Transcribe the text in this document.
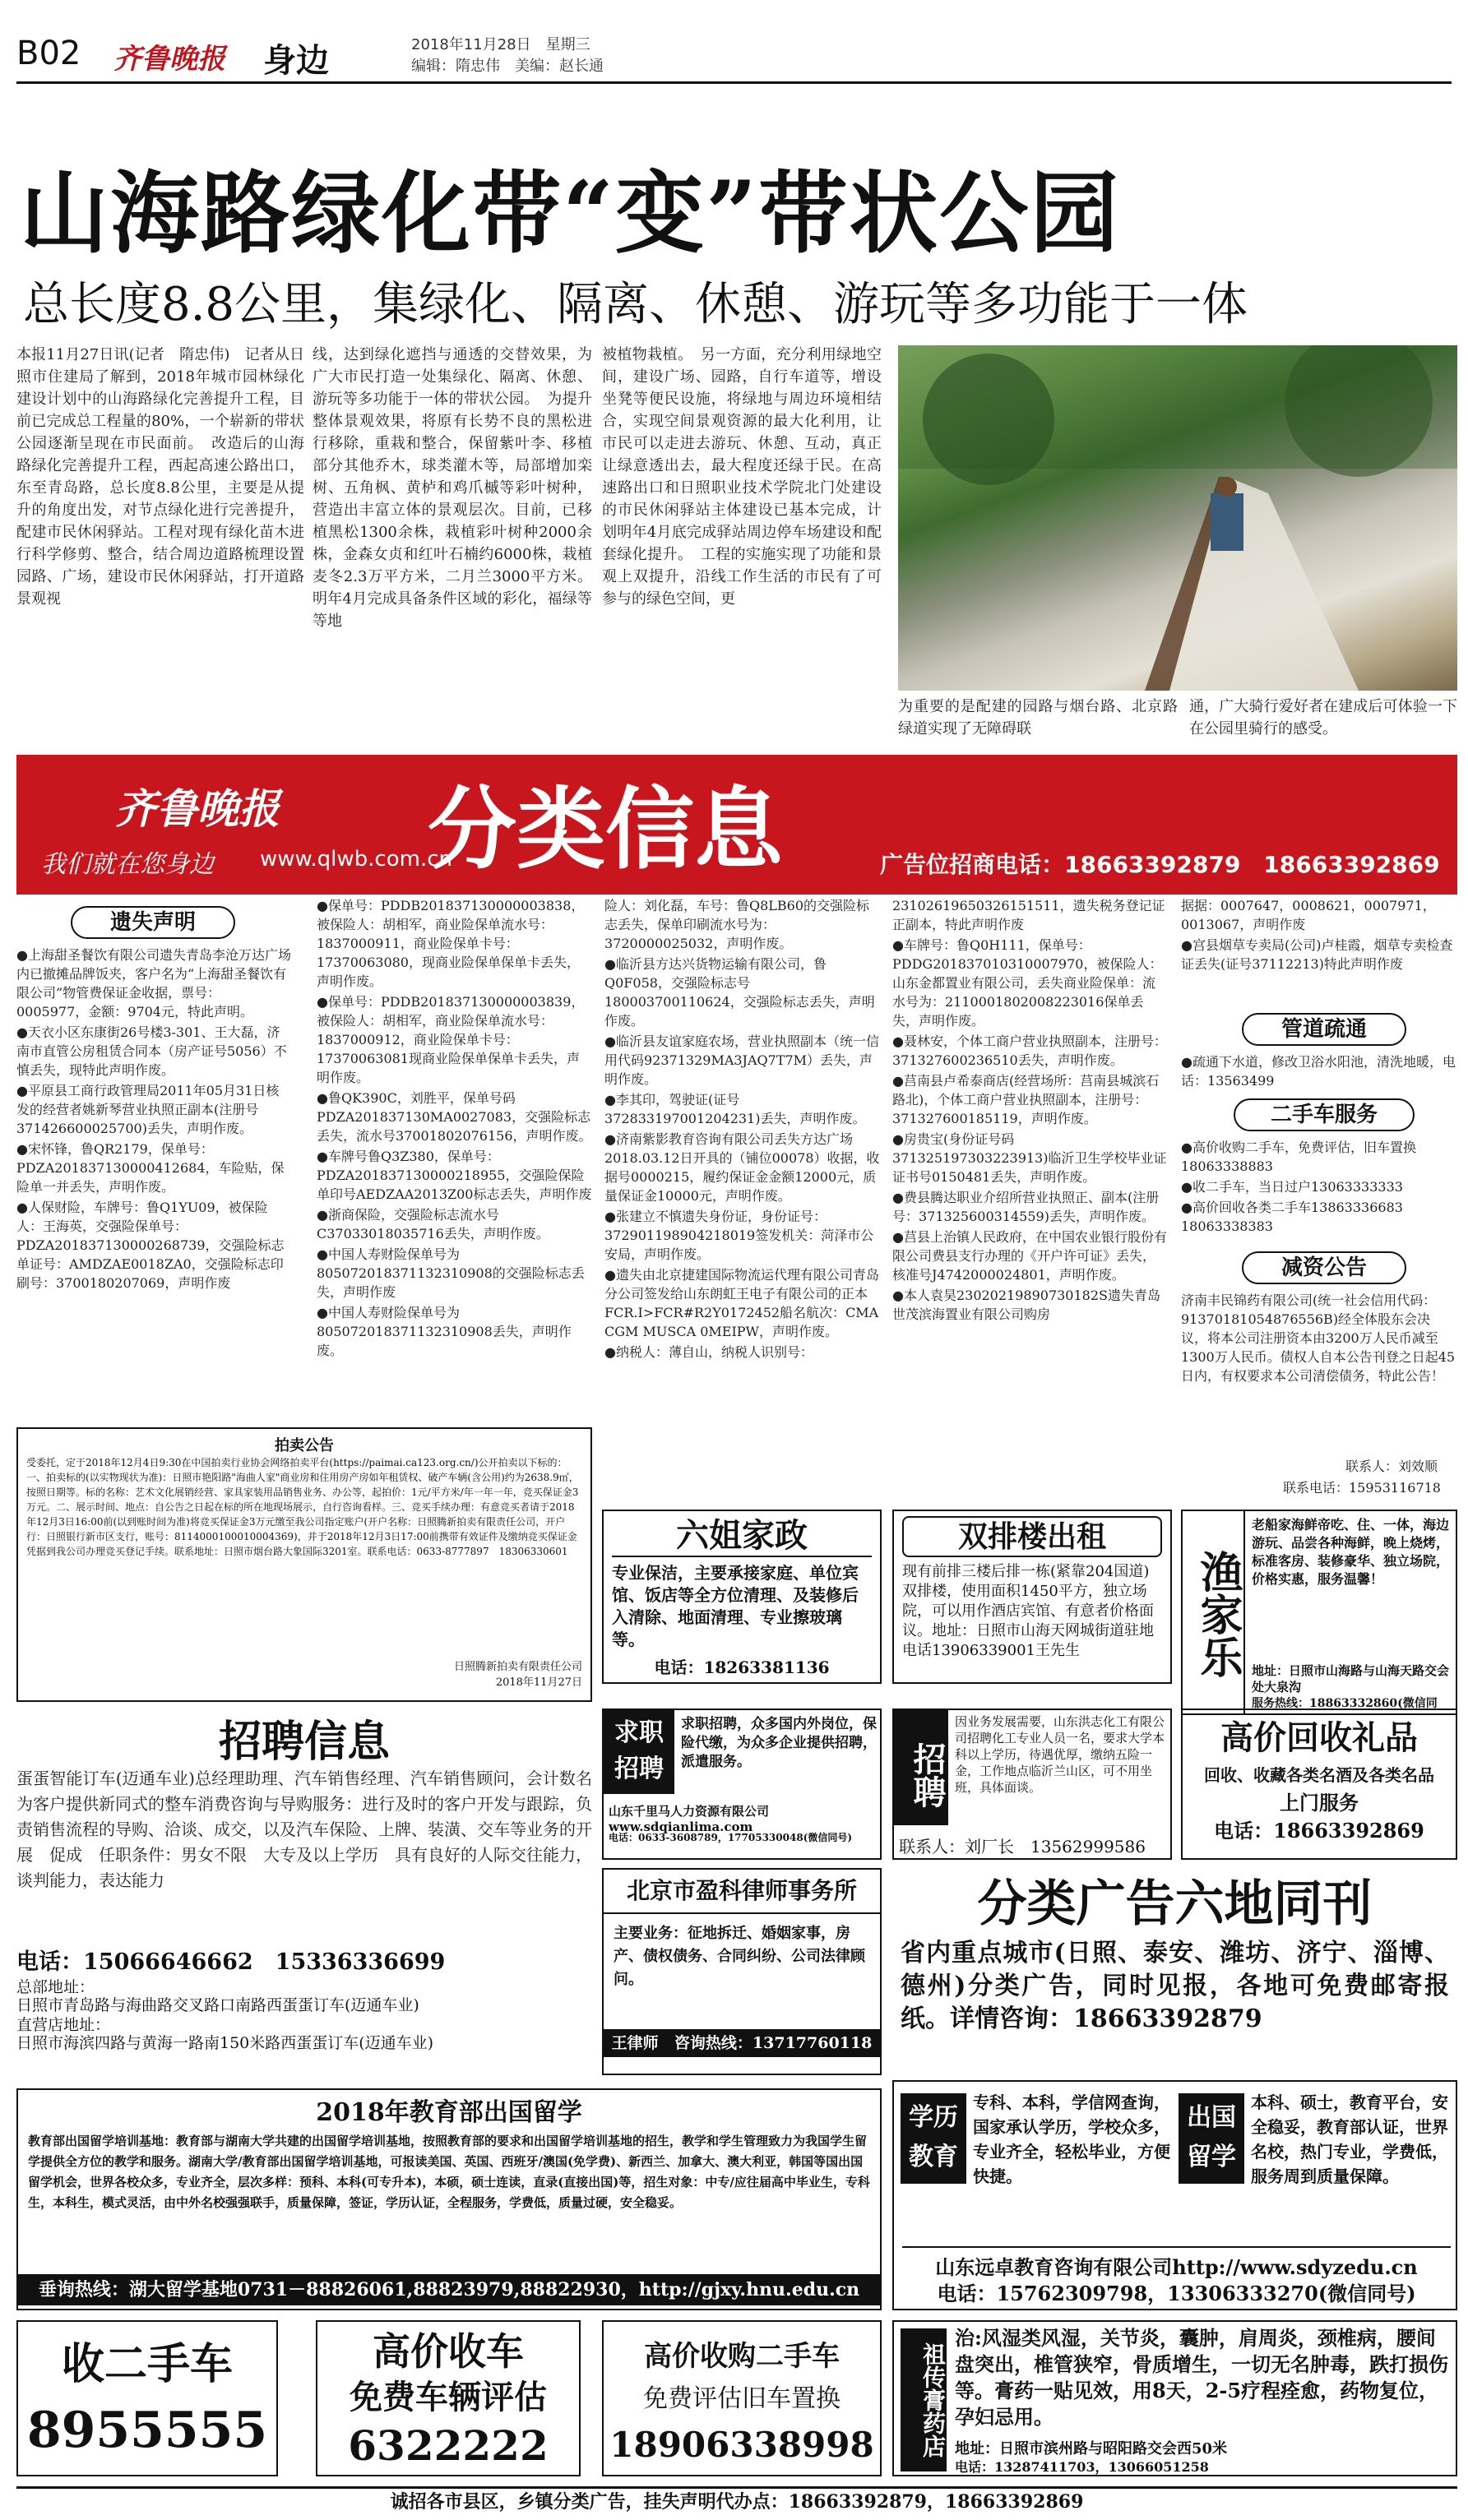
B02 齐鲁晚报 身边	2018年11月28日　星期三
编辑：隋忠伟　美编：赵长通
山海路绿化带“变”带状公园
总长度8.8公里，集绿化、隔离、休憩、游玩等多功能于一体
本报11月27日讯(记者　隋忠伟)　记者从日照市住建局了解到，2018年城市园林绿化建设计划中的山海路绿化完善提升工程，目前已完成总工程量的80%，一个崭新的带状公园逐渐呈现在市民面前。　改造后的山海路绿化完善提升工程，西起高速公路出口，东至青岛路，总长度8.8公里，主要是从提升的角度出发，对节点绿化进行完善提升，配建市民休闲驿站。工程对现有绿化苗木进行科学修剪、整合，结合周边道路梳理设置园路、广场，建设市民休闲驿站，打开道路景观视
线，达到绿化遮挡与通透的交替效果，为广大市民打造一处集绿化、隔离、休憩、游玩等多功能于一体的带状公园。　为提升整体景观效果，将原有长势不良的黑松进行移除，重栽和整合，保留紫叶李、移植部分其他乔木，球类灌木等，局部增加栾树、五角枫、黄栌和鸡爪槭等彩叶树种，营造出丰富立体的景观层次。目前，已移植黑松1300余株，栽植彩叶树种2000余株，金森女贞和红叶石楠约6000株，栽植麦冬2.3万平方米，二月兰3000平方米。明年4月完成具备条件区域的彩化，福绿等等地
被植物栽植。　另一方面，充分利用绿地空间，建设广场、园路，自行车道等，增设坐凳等便民设施，将绿地与周边环境相结合，实现空间景观资源的最大化利用，让市民可以走进去游玩、休憩、互动，真正让绿意透出去，最大程度还绿于民。在高速路出口和日照职业技术学院北门处建设的市民休闲驿站主体建设已基本完成，计划明年4月底完成驿站周边停车场建设和配套绿化提升。　工程的实施实现了功能和景观上双提升，沿线工作生活的市民有了可参与的绿色空间，更
为重要的是配建的园路与烟台路、北京路绿道实现了无障碍联
通，广大骑行爱好者在建成后可体验一下在公园里骑行的感受。
齐鲁晚报
我们就在您身边 www.qlwb.com.cn
分类信息	广告位招商电话：18663392879　18663392869
遗失声明

●上海甜圣餐饮有限公司遗失青岛李沧万达广场内已撤摊品牌饭夹，客户名为“上海甜圣餐饮有限公司”物管费保证金收据，票号：0005977，金额：9704元，特此声明。

●天衣小区东康街26号楼3-301、王大磊，济南市直管公房租赁合同本（房产证号5056）不慎丢失，现特此声明作废。

●平原县工商行政管理局2011年05月31日核发的经营者姚新琴营业执照正副本(注册号371426600025700)丢失，声明作废。

●宋怀锋，鲁QR2179，保单号：PDZA201837130000412684，车险贴，保险单一并丢失，声明作废。

●人保财险，车牌号：鲁Q1YU09，被保险人：王海英，交强险保单号：PDZA201837130000268739，交强险标志单证号：AMDZAE0018ZA0，交强险标志印刷号：3700180207069，声明作废

●保单号：PDDB201837130000003838，被保险人：胡相军，商业险保单流水号：1837000911，商业险保单卡号：17370063080，现商业险保单保单卡丢失，声明作废。

●保单号：PDDB201837130000003839，被保险人：胡相军，商业险保单流水号：1837000912，商业险保单卡号：17370063081现商业险保单保单卡丢失，声明作废。

●鲁QK390C，刘胜平，保单号码PDZA201837130MA0027083，交强险标志丢失，流水号37001802076156，声明作废。

●车牌号鲁Q3Z380，保单号：PDZA201837130000218955，交强险保险单印号AEDZAA2013Z00标志丢失，声明作废

●浙商保险，交强险标志流水号C37033018035716丢失，声明作废。

●中国人寿财险保单号为805072018371132310908的交强险标志丢失，声明作废

●中国人寿财险保单号为805072018371132310908丢失，声明作废。

险人：刘化磊，车号：鲁Q8LB60的交强险标志丢失，保单印刷流水号为：3720000025032，声明作废。

●临沂县方达兴货物运输有限公司，鲁Q0F058，交强险标志号180003700110624，交强险标志丢失，声明作废。

●临沂县友谊家庭农场，营业执照副本（统一信用代码92371329MA3JAQ7T7M）丢失，声明作废。

●李其印，驾驶证(证号372833197001204231)丢失，声明作废。

●济南紫影教育咨询有限公司丢失方达广场2018.03.12日开具的（铺位00078）收据，收据号0000215，履约保证金金额12000元，质量保证金10000元，声明作废。

●张建立不慎遗失身份证，身份证号：372901198904218019签发机关：菏泽市公安局，声明作废。

●遗失由北京捷建国际物流运代理有限公司青岛分公司签发给山东朗虹王电子有限公司的正本FCR.I>FCR#R2Y0172452船名航次：CMA CGM MUSCA 0MEIPW，声明作废。

●纳税人：薄自山，纳税人识别号：

23102619650326151511，遗失税务登记证正副本，特此声明作废

●车牌号：鲁Q0H111，保单号：PDDG201837010310007970，被保险人：山东金都置业有限公司，丢失商业险保单：流水号为：2110001802008223016保单丢失，声明作废。

●聂林安，个体工商户营业执照副本，注册号：371327600236510丢失，声明作废。

●莒南县卢希泰商店(经营场所：莒南县城滨石路北)，个体工商户营业执照副本，注册号：371327600185119，声明作废。

●房贵宝(身份证号码371325197303223913)临沂卫生学校毕业证证书号0150481丢失，声明作废。

●费县腾达职业介绍所营业执照正、副本(注册号：371325600314559)丢失，声明作废。

●莒县上治镇人民政府，在中国农业银行股份有限公司费县支行办理的《开户许可证》丢失，核准号J4742000024801，声明作废。

●本人袁昊23020219890730182S遗失青岛世茂滨海置业有限公司购房

据据：0007647，0008621，0007971，0013067，声明作废

●宫县烟草专卖局(公司)卢桂霞，烟草专卖检查证丢失(证号37112213)特此声明作废

管道疏通
●疏通下水道，修改卫浴水阳池，清洗地暖，电话：13563499
二手车服务

●高价收购二手车，免费评估，旧车置换18063338883

●收二手车，当日过户13063333333

●高价回收各类二手车13863336683 18063338383

减资公告
济南丰民锦药有限公司(统一社会信用代码：91370181054876556B)经全体股东会决议，将本公司注册资本由3200万人民币减至1300万人民币。债权人自本公告刊登之日起45日内，有权要求本公司清偿债务，特此公告！
联系人：刘效顺
联系电话：15953116718
拍卖公告
受委托，定于2018年12月4日9:30在中国拍卖行业协会网络拍卖平台(https://paimai.ca123.org.cn/)公开拍卖以下标的：一、拍卖标的(以实物现状为准)：日照市艳阳路"海曲人家"商业房和住用房产房如年租赁权、破产车辆(含公用)约为2638.9㎡，按照日期等。标的名称：艺术文化展销经营、家具家装用品销售业务、办公等，起拍价：1元/平方米/年一年一年，竞买保证金3万元。二、展示时间、地点：自公告之日起在标的所在地现场展示，自行咨询看样。三、竞买手续办理：有意竞买者请于2018年12月3日16:00前(以到账时间为准)将竞买保证金3万元缴至我公司指定账户(开户名称：日照腾新拍卖有限责任公司，开户行：日照银行新市区支行，账号：8114000100010004369)，并于2018年12月3日17:00前携带有效证件及缴纳竞买保证金凭据到我公司办理竞买登记手续。联系地址：日照市烟台路大象国际3201室。联系电话：0633-8777897　18306330601
日照腾新拍卖有限责任公司
2018年11月27日
六姐家政
专业保洁，主要承接家庭、单位宾馆、饭店等全方位清理、及装修后入清除、地面清理、专业擦玻璃等。
电话：18263381136
双排楼出租
现有前排三楼后排一栋(紧靠204国道)双排楼，使用面积1450平方，独立场院，可以用作酒店宾馆、有意者价格面议。地址：日照市山海天网城街道驻地电话13906339001王先生	渔家乐
老船家海鲜帝吃、住、一体，海边游玩、品尝各种海鲜，晚上烧烤，标准客房、装修豪华、独立场院，价格实惠，服务温馨！
地址：日照市山海路与山海天路交会处大泉沟
服务热线：18863332860(微信同
招聘信息
蛋蛋智能订车(迈通车业)总经理助理、汽车销售经理、汽车销售顾问，会计数名　为客户提供新同式的整车消费咨询与导购服务：进行及时的客户开发与跟踪，负责销售流程的导购、洽谈、成交，以及汽车保险、上牌、装潢、交车等业务的开展　促成　任职条件：男女不限　大专及以上学历　具有良好的人际交往能力，谈判能力，表达能力
电话：15066646662　15336336699
总部地址：
日照市青岛路与海曲路交叉路口南路西蛋蛋订车(迈通车业)
直营店地址：
日照市海滨四路与黄海一路南150米路西蛋蛋订车(迈通车业)
求职
招聘
求职招聘，众多国内外岗位，保险代缴，为众多企业提供招聘，派遣服务。
山东千里马人力资源有限公司www.sdqianlima.com
电话：0633-3608789，17705330048(微信同号)
招聘
因业务发展需要，山东洪志化工有限公司招聘化工专业人员一名，要求大学本科以上学历，待遇优厚，缴纳五险一金，工作地点临沂兰山区，可不用坐班，具体面谈。
联系人：刘厂长　13562999586
高价回收礼品
回收、收藏各类名酒及各类名品
上门服务
电话：18663392869
北京市盈科律师事务所
主要业务：征地拆迁、婚姻家事，房产、债权债务、合同纠纷、公司法律顾问。
王律师 咨询热线：13717760118
分类广告六地同刊
省内重点城市(日照、泰安、潍坊、济宁、淄博、德州)分类广告，同时见报，各地可免费邮寄报纸。详情咨询：18663392879
2018年教育部出国留学
教育部出国留学培训基地：教育部与湖南大学共建的出国留学培训基地，按照教育部的要求和出国留学培训基地的招生，教学和学生管理致力为我国学生留学提供全方位的教学和服务。湖南大学/教育部出国留学培训基地，可报读美国、英国、西班牙/澳国(免学费)、新西兰、加拿大、澳大利亚，韩国等国出国留学机会，世界各校众多，专业齐全，层次多样：预科、本科(可专升本)，本硕，硕士连读，直录(直接出国)等，招生对象：中专/应往届高中毕业生，专科生，本科生，模式灵活，由中外名校强强联手，质量保障，签证，学历认证，全程服务，学费低，质量过硬，安全稳妥。
垂询热线：湖大留学基地0731－88826061,88823979,88822930，http://gjxy.hnu.edu.cn
学历
教育
专科、本科，学信网查询，国家承认学历，学校众多，专业齐全，轻松毕业，方便快捷。
出国
留学
本科、硕士，教育平台，安全稳妥，教育部认证，世界名校，热门专业，学费低，服务周到质量保障。
山东远卓教育咨询有限公司http://www.sdyzedu.cn
电话：15762309798，13306333270(微信同号)
收二手车
8955555
高价收车
免费车辆评估
6322222
高价收购二手车
免费评估旧车置换
18906338998	祖传膏药店
治:风湿类风湿，关节炎，囊肿，肩周炎，颈椎病，腰间盘突出，椎管狭窄，骨质增生，一切无名肿毒，跌打损伤等。膏药一贴见效，用8天，2-5疗程痊愈，药物复位，孕妇忌用。
地址：日照市滨州路与昭阳路交会西50米
电话：13287411703，13066051258
诚招各市县区，乡镇分类广告，挂失声明代办点：18663392879，18663392869
